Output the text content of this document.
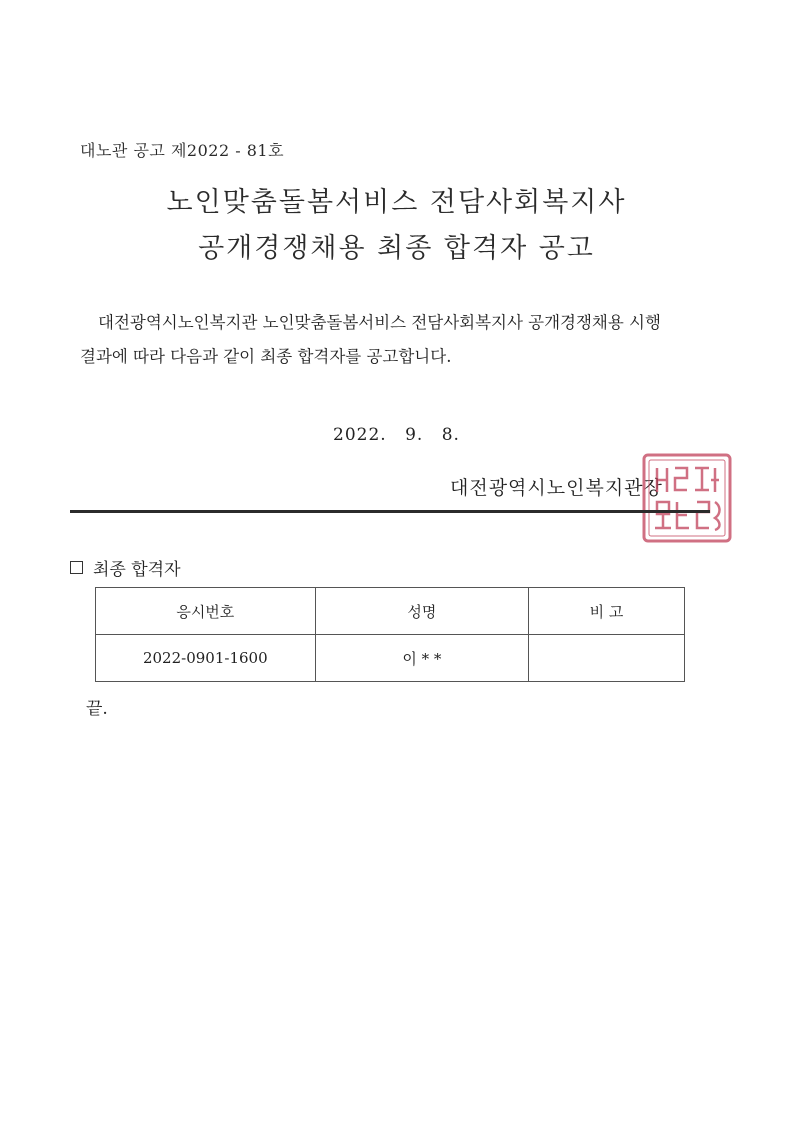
대노관 공고 제2022 - 81호
노인맞춤돌봄서비스 전담사회복지사
공개경쟁채용 최종 합격자 공고
대전광역시노인복지관 노인맞춤돌봄서비스 전담사회복지사 공개경쟁채용 시행
결과에 따라 다음과 같이 최종 합격자를 공고합니다.
2022. 9. 8.
대전광역시노인복지관장
최종 합격자
응시번호	성명	비 고
2022-0901-1600	이 * *	
끝.
